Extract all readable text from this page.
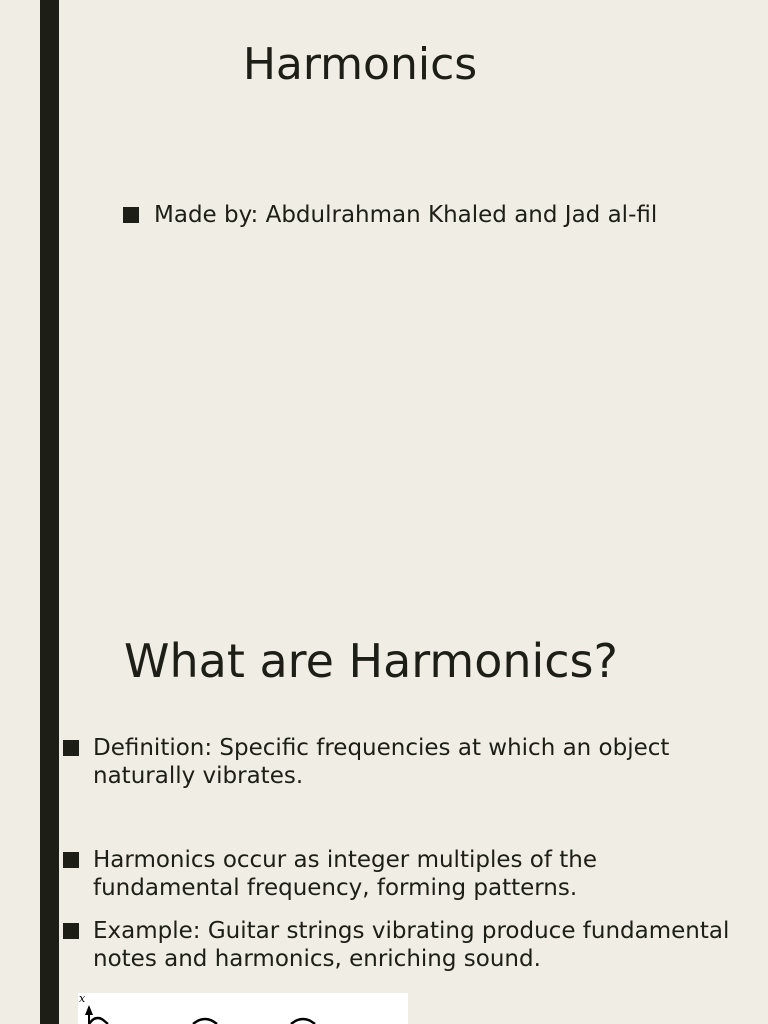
Harmonics
Made by: Abdulrahman Khaled and Jad al-fil
What are Harmonics?
Definition: Specific frequencies at which an object naturally vibrates.
Harmonics occur as integer multiples of the fundamental frequency, forming patterns.
Example: Guitar strings vibrating produce fundamental notes and harmonics, enriching sound.
x
